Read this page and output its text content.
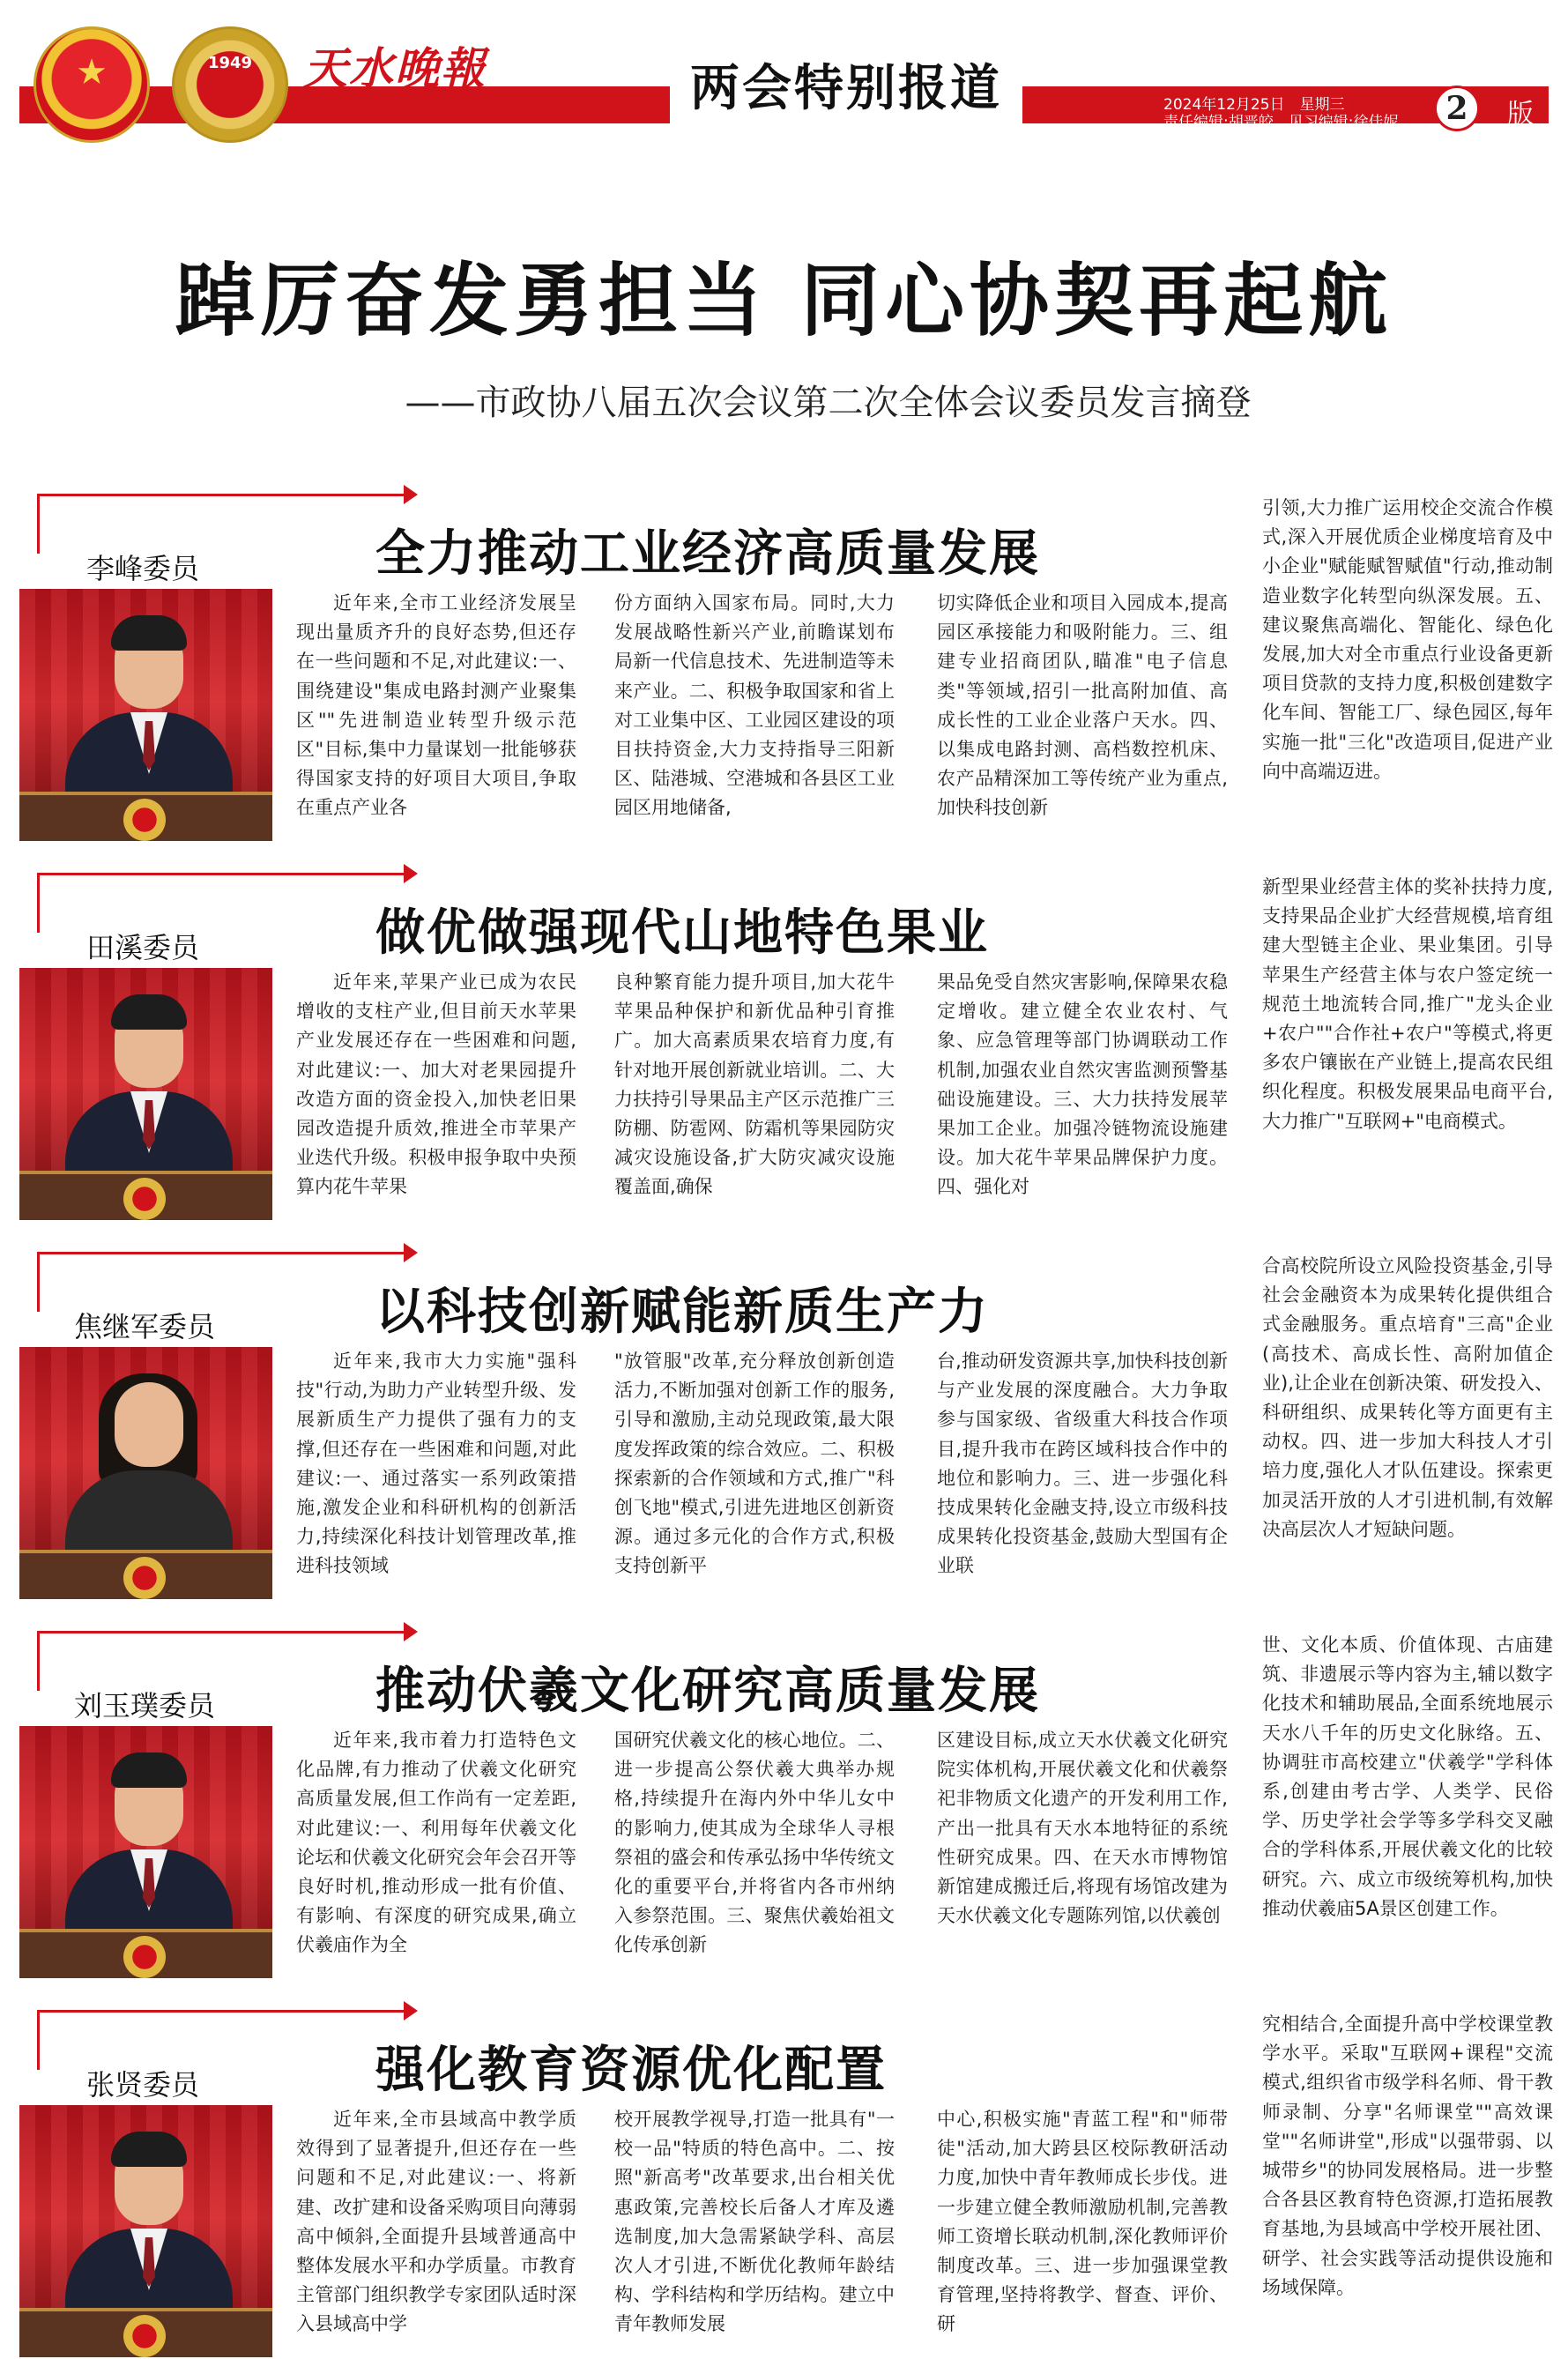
★	1949	天水晚報	两会特别报道	2024年12月25日　星期三
责任编辑:胡晋皎　见习编辑:徐佳妮	2	版
踔厉奋发勇担当 同心协契再起航
——市政协八届五次会议第二次全体会议委员发言摘登
李峰委员	全力推动工业经济高质量发展
近年来,全市工业经济发展呈现出量质齐升的良好态势,但还存在一些问题和不足,对此建议:一、围绕建设"集成电路封测产业聚集区""先进制造业转型升级示范区"目标,集中力量谋划一批能够获得国家支持的好项目大项目,争取在重点产业各
份方面纳入国家布局。同时,大力发展战略性新兴产业,前瞻谋划布局新一代信息技术、先进制造等未来产业。二、积极争取国家和省上对工业集中区、工业园区建设的项目扶持资金,大力支持指导三阳新区、陆港城、空港城和各县区工业园区用地储备,
切实降低企业和项目入园成本,提高园区承接能力和吸附能力。三、组建专业招商团队,瞄准"电子信息类"等领域,招引一批高附加值、高成长性的工业企业落户天水。四、以集成电路封测、高档数控机床、农产品精深加工等传统产业为重点,加快科技创新
引领,大力推广运用校企交流合作模式,深入开展优质企业梯度培育及中小企业"赋能赋智赋值"行动,推动制造业数字化转型向纵深发展。五、建议聚焦高端化、智能化、绿色化发展,加大对全市重点行业设备更新项目贷款的支持力度,积极创建数字化车间、智能工厂、绿色园区,每年实施一批"三化"改造项目,促进产业向中高端迈进。
田溪委员	做优做强现代山地特色果业
近年来,苹果产业已成为农民增收的支柱产业,但目前天水苹果产业发展还存在一些困难和问题,对此建议:一、加大对老果园提升改造方面的资金投入,加快老旧果园改造提升质效,推进全市苹果产业迭代升级。积极申报争取中央预算内花牛苹果
良种繁育能力提升项目,加大花牛苹果品种保护和新优品种引育推广。加大高素质果农培育力度,有针对地开展创新就业培训。二、大力扶持引导果品主产区示范推广三防棚、防雹网、防霜机等果园防灾减灾设施设备,扩大防灾减灾设施覆盖面,确保
果品免受自然灾害影响,保障果农稳定增收。建立健全农业农村、气象、应急管理等部门协调联动工作机制,加强农业自然灾害监测预警基础设施建设。三、大力扶持发展苹果加工企业。加强冷链物流设施建设。加大花牛苹果品牌保护力度。四、强化对
新型果业经营主体的奖补扶持力度,支持果品企业扩大经营规模,培育组建大型链主企业、果业集团。引导苹果生产经营主体与农户签定统一规范土地流转合同,推广"龙头企业+农户""合作社+农户"等模式,将更多农户镶嵌在产业链上,提高农民组织化程度。积极发展果品电商平台,大力推广"互联网+"电商模式。
焦继军委员	以科技创新赋能新质生产力
近年来,我市大力实施"强科技"行动,为助力产业转型升级、发展新质生产力提供了强有力的支撑,但还存在一些困难和问题,对此建议:一、通过落实一系列政策措施,激发企业和科研机构的创新活力,持续深化科技计划管理改革,推进科技领域
"放管服"改革,充分释放创新创造活力,不断加强对创新工作的服务,引导和激励,主动兑现政策,最大限度发挥政策的综合效应。二、积极探索新的合作领域和方式,推广"科创飞地"模式,引进先进地区创新资源。通过多元化的合作方式,积极支持创新平
台,推动研发资源共享,加快科技创新与产业发展的深度融合。大力争取参与国家级、省级重大科技合作项目,提升我市在跨区域科技合作中的地位和影响力。三、进一步强化科技成果转化金融支持,设立市级科技成果转化投资基金,鼓励大型国有企业联
合高校院所设立风险投资基金,引导社会金融资本为成果转化提供组合式金融服务。重点培育"三高"企业(高技术、高成长性、高附加值企业),让企业在创新决策、研发投入、科研组织、成果转化等方面更有主动权。四、进一步加大科技人才引培力度,强化人才队伍建设。探索更加灵活开放的人才引进机制,有效解决高层次人才短缺问题。
刘玉璞委员	推动伏羲文化研究高质量发展
近年来,我市着力打造特色文化品牌,有力推动了伏羲文化研究高质量发展,但工作尚有一定差距,对此建议:一、利用每年伏羲文化论坛和伏羲文化研究会年会召开等良好时机,推动形成一批有价值、有影响、有深度的研究成果,确立伏羲庙作为全
国研究伏羲文化的核心地位。二、进一步提高公祭伏羲大典举办规格,持续提升在海内外中华儿女中的影响力,使其成为全球华人寻根祭祖的盛会和传承弘扬中华传统文化的重要平台,并将省内各市州纳入参祭范围。三、聚焦伏羲始祖文化传承创新
区建设目标,成立天水伏羲文化研究院实体机构,开展伏羲文化和伏羲祭祀非物质文化遗产的开发利用工作,产出一批具有天水本地特征的系统性研究成果。四、在天水市博物馆新馆建成搬迁后,将现有场馆改建为天水伏羲文化专题陈列馆,以伏羲创
世、文化本质、价值体现、古庙建筑、非遗展示等内容为主,辅以数字化技术和辅助展品,全面系统地展示天水八千年的历史文化脉络。五、协调驻市高校建立"伏羲学"学科体系,创建由考古学、人类学、民俗学、历史学社会学等多学科交叉融合的学科体系,开展伏羲文化的比较研究。六、成立市级统筹机构,加快推动伏羲庙5A景区创建工作。
张贤委员	强化教育资源优化配置
近年来,全市县域高中教学质效得到了显著提升,但还存在一些问题和不足,对此建议:一、将新建、改扩建和设备采购项目向薄弱高中倾斜,全面提升县域普通高中整体发展水平和办学质量。市教育主管部门组织教学专家团队适时深入县域高中学
校开展教学视导,打造一批具有"一校一品"特质的特色高中。二、按照"新高考"改革要求,出台相关优惠政策,完善校长后备人才库及遴选制度,加大急需紧缺学科、高层次人才引进,不断优化教师年龄结构、学科结构和学历结构。建立中青年教师发展
中心,积极实施"青蓝工程"和"师带徒"活动,加大跨县区校际教研活动力度,加快中青年教师成长步伐。进一步建立健全教师激励机制,完善教师工资增长联动机制,深化教师评价制度改革。三、进一步加强课堂教育管理,坚持将教学、督查、评价、研
究相结合,全面提升高中学校课堂教学水平。采取"互联网+课程"交流模式,组织省市级学科名师、骨干教师录制、分享"名师课堂""高效课堂""名师讲堂",形成"以强带弱、以城带乡"的协同发展格局。进一步整合各县区教育特色资源,打造拓展教育基地,为县域高中学校开展社团、研学、社会实践等活动提供设施和场域保障。
